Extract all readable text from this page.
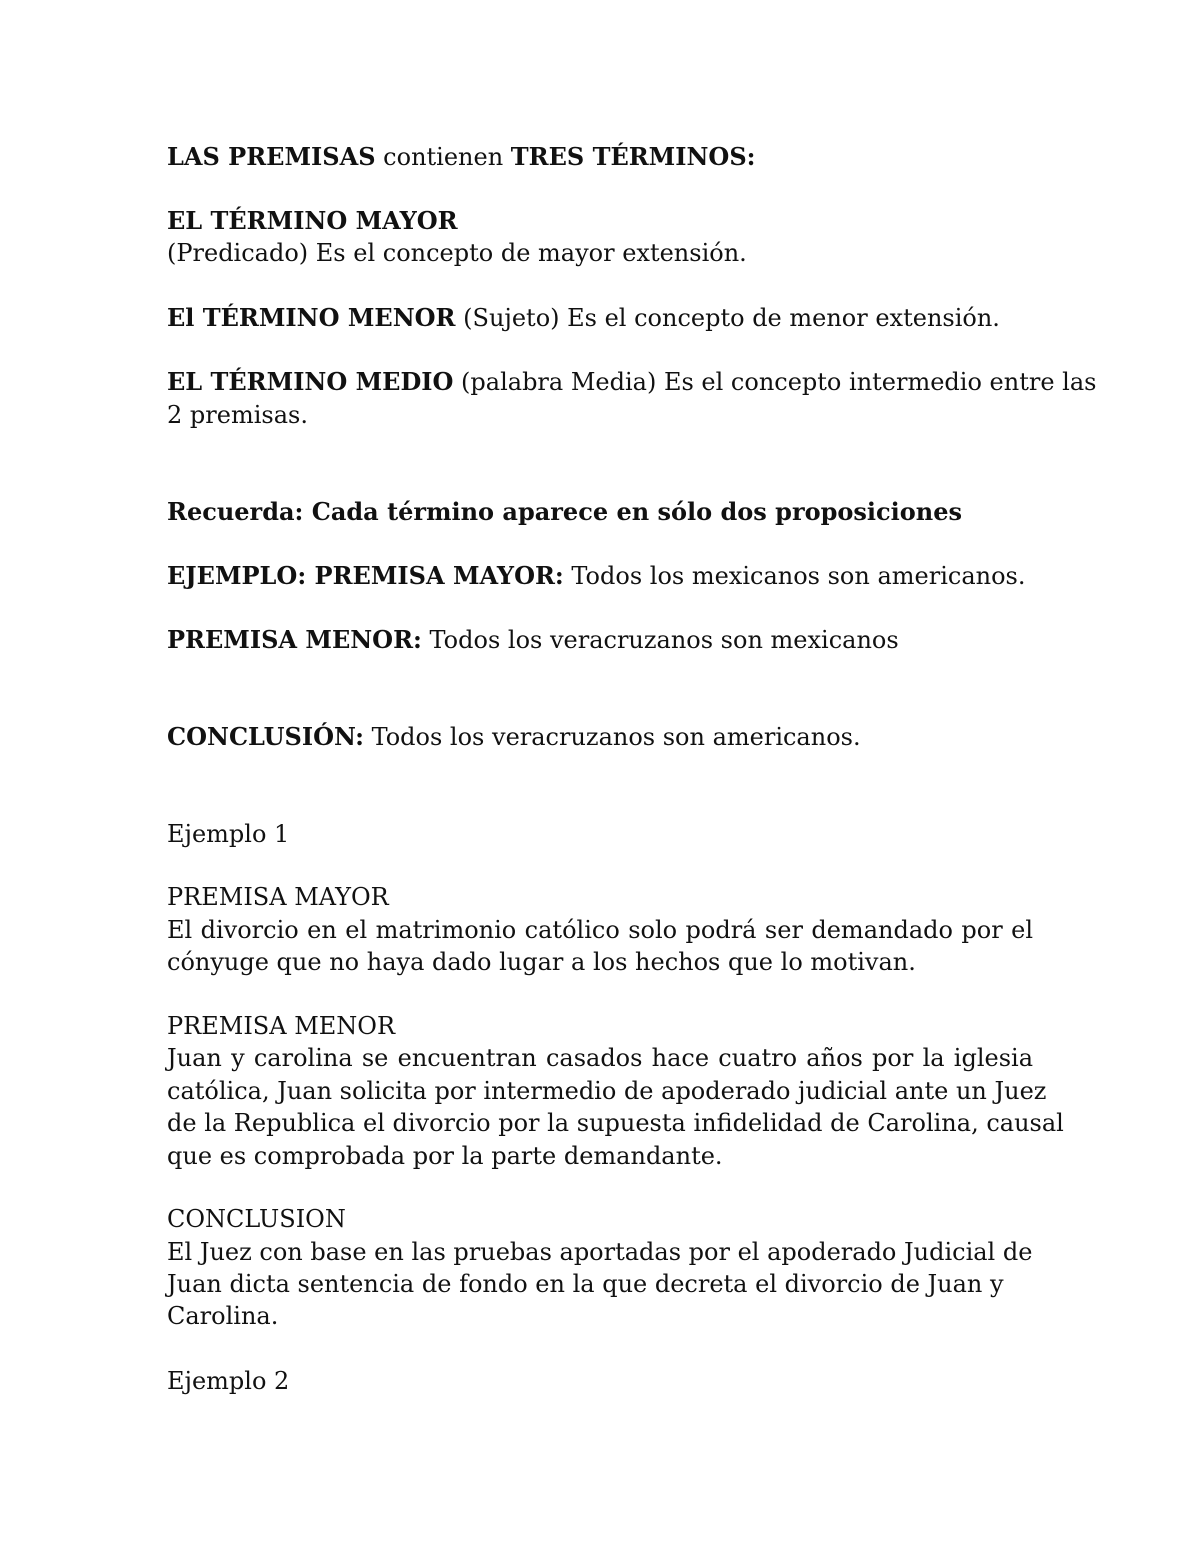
LAS PREMISAS contienen TRES TÉRMINOS:
EL TÉRMINO MAYOR
(Predicado) Es el concepto de mayor extensión.
El TÉRMINO MENOR (Sujeto) Es el concepto de menor extensión.
EL TÉRMINO MEDIO (palabra Media) Es el concepto intermedio entre las
2 premisas.
Recuerda: Cada término aparece en sólo dos proposiciones
EJEMPLO: PREMISA MAYOR: Todos los mexicanos son americanos.
PREMISA MENOR: Todos los veracruzanos son mexicanos
CONCLUSIÓN: Todos los veracruzanos son americanos.
Ejemplo 1
PREMISA MAYOR
El divorcio en el matrimonio católico solo podrá ser demandado por el
cónyuge que no haya dado lugar a los hechos que lo motivan.
PREMISA MENOR
Juan y carolina se encuentran casados hace cuatro años por la iglesia
católica, Juan solicita por intermedio de apoderado judicial ante un Juez
de la Republica el divorcio por la supuesta infidelidad de Carolina, causal
que es comprobada por la parte demandante.
CONCLUSION
El Juez con base en las pruebas aportadas por el apoderado Judicial de
Juan dicta sentencia de fondo en la que decreta el divorcio de Juan y
Carolina.
Ejemplo 2
